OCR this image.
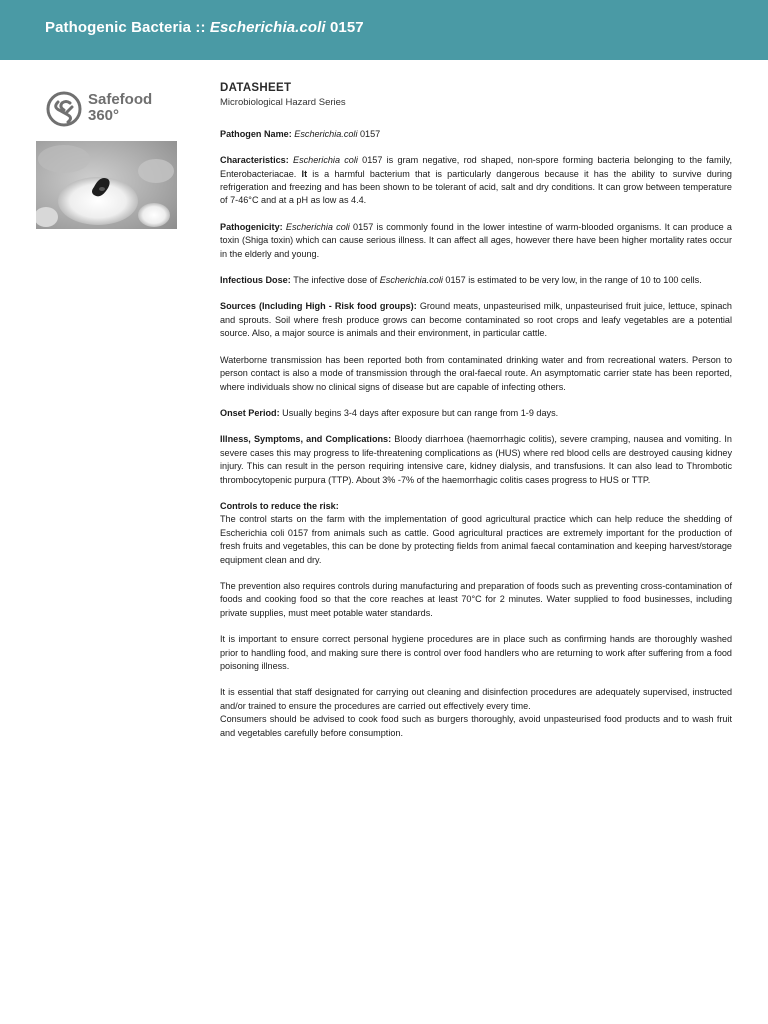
Pathogenic Bacteria :: Escherichia.coli 0157
Safefood
360°
DATASHEET
Microbiological Hazard Series

Pathogen Name: Escherichia.coli 0157

Characteristics: Escherichia coli 0157 is gram negative, rod shaped, non-spore forming bacteria belonging to the family, Enterobacteriacae. It is a harmful bacterium that is particularly dangerous because it has the ability to survive during refrigeration and freezing and has been shown to be tolerant of acid, salt and dry conditions. It can grow between temperature of 7-46°C and at a pH as low as 4.4.

Pathogenicity: Escherichia coli 0157 is commonly found in the lower intestine of warm-blooded organisms. It can produce a toxin (Shiga toxin) which can cause serious illness. It can affect all ages, however there have been higher mortality rates occur in the elderly and young.

Infectious Dose: The infective dose of Escherichia.coli 0157 is estimated to be very low, in the range of 10 to 100 cells.

Sources (Including High - Risk food groups): Ground meats, unpasteurised milk, unpasteurised fruit juice, lettuce, spinach and sprouts. Soil where fresh produce grows can become contaminated so root crops and leafy vegetables are a potential source. Also, a major source is animals and their environment, in particular cattle.

Waterborne transmission has been reported both from contaminated drinking water and from recreational waters. Person to person contact is also a mode of transmission through the oral-faecal route. An asymptomatic carrier state has been reported, where individuals show no clinical signs of disease but are capable of infecting others.

Onset Period: Usually begins 3-4 days after exposure but can range from 1-9 days.

Illness, Symptoms, and Complications: Bloody diarrhoea (haemorrhagic colitis), severe cramping, nausea and vomiting. In severe cases this may progress to life-threatening complications as (HUS) where red blood cells are destroyed causing kidney injury. This can result in the person requiring intensive care, kidney dialysis, and transfusions. It can also lead to Thrombotic thrombocytopenic purpura (TTP). About 3% -7% of the haemorrhagic colitis cases progress to HUS or TTP.

Controls to reduce the risk:

The control starts on the farm with the implementation of good agricultural practice which can help reduce the shedding of Escherichia coli 0157 from animals such as cattle. Good agricultural practices are extremely important for the production of fresh fruits and vegetables, this can be done by protecting fields from animal faecal contamination and keeping harvest/storage equipment clean and dry.

The prevention also requires controls during manufacturing and preparation of foods such as preventing cross-contamination of foods and cooking food so that the core reaches at least 70°C for 2 minutes. Water supplied to food businesses, including private supplies, must meet potable water standards.

It is important to ensure correct personal hygiene procedures are in place such as confirming hands are thoroughly washed prior to handling food, and making sure there is control over food handlers who are returning to work after suffering from a food poisoning illness.

It is essential that staff designated for carrying out cleaning and disinfection procedures are adequately supervised, instructed and/or trained to ensure the procedures are carried out effectively every time.

Consumers should be advised to cook food such as burgers thoroughly, avoid unpasteurised food products and to wash fruit and vegetables carefully before consumption.
